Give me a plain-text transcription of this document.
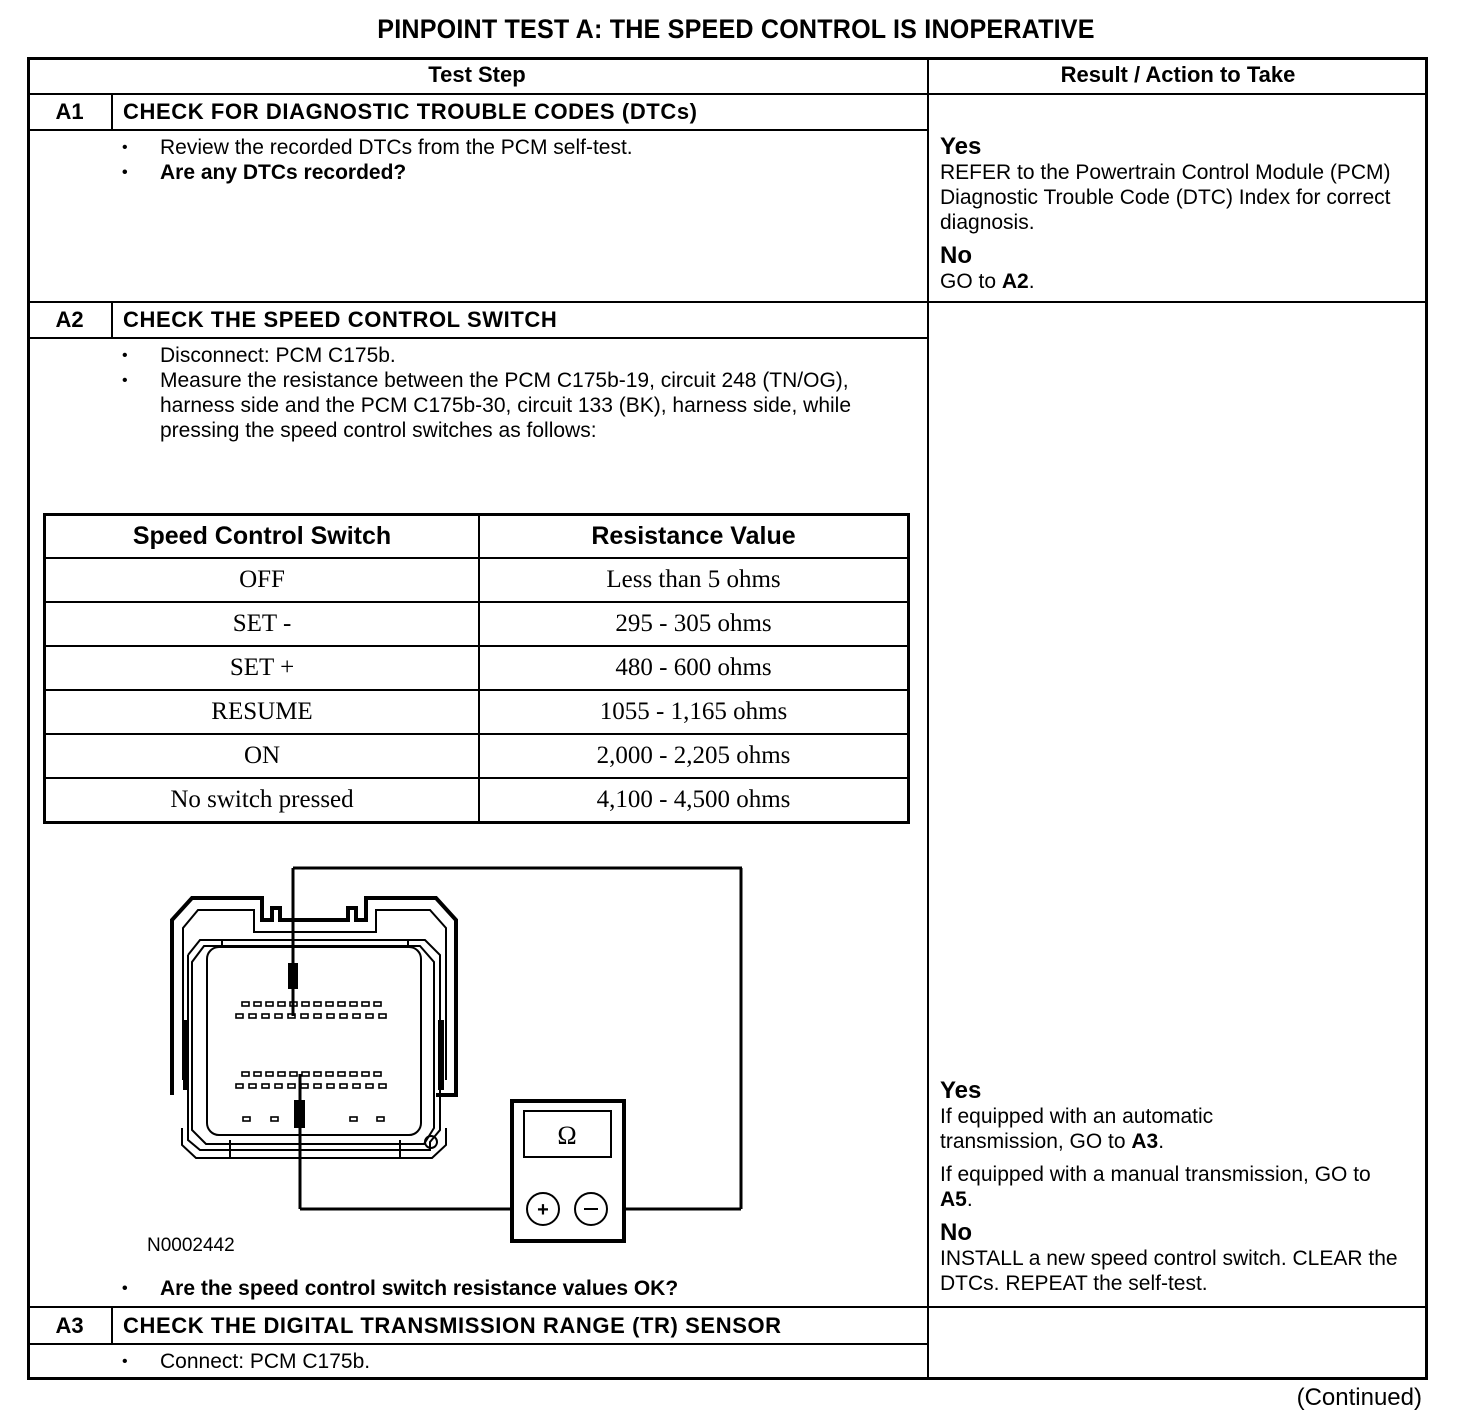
PINPOINT TEST A: THE SPEED CONTROL IS INOPERATIVE
Test Step	Result / Action to Take
A1	CHECK FOR DIAGNOSTIC TROUBLE CODES (DTCs)
• Review the recorded DTCs from the PCM self-test.
• Are any DTCs recorded?
Yes

REFER to the Powertrain Control Module (PCM) Diagnostic Trouble Code (DTC) Index for correct diagnosis.

No

GO to A2.

A2	CHECK THE SPEED CONTROL SWITCH
• Disconnect: PCM C175b.
• Measure the resistance between the PCM C175b-19, circuit 248 (TN/OG), harness side and the PCM C175b-30, circuit 133 (BK), harness side, while pressing the speed control switches as follows:
Speed Control Switch	Resistance Value
OFF	Less than 5 ohms
SET -	295 - 305 ohms
SET +	480 - 600 ohms
RESUME	1055 - 1,165 ohms
ON	2,000 - 2,205 ohms
No switch pressed	4,100 - 4,500 ohms
Ω
+
N0002442
• Are the speed control switch resistance values OK?
Yes

If equipped with an automatic transmission, GO to A3.

If equipped with a manual transmission, GO to A5.

No

INSTALL a new speed control switch. CLEAR the DTCs. REPEAT the self-test.

A3	CHECK THE DIGITAL TRANSMISSION RANGE (TR) SENSOR
• Connect: PCM C175b.
(Continued)
